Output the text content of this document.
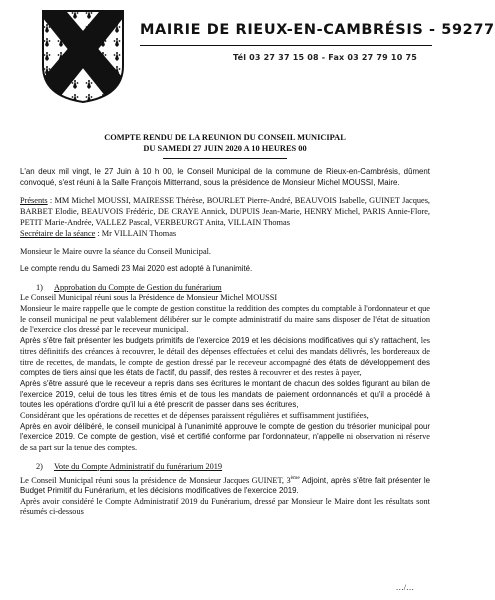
MAIRIE DE RIEUX-EN-CAMBRÉSIS - 59277
Tél 03 27 37 15 08 - Fax 03 27 79 10 75

COMPTE RENDU DE LA REUNION DU CONSEIL MUNICIPAL

DU SAMEDI 27 JUIN 2020 A 10 HEURES 00

L'an deux mil vingt, le 27 Juin à 10 h 00, le Conseil Municipal de la commune de Rieux-en-Cambrésis, dûment convoqué, s'est réuni à la Salle François Mitterrand, sous la présidence de Monsieur Michel MOUSSI, Maire.

Présents : MM Michel MOUSSI, MAIRESSE Thérèse, BOURLET Pierre-André, BEAUVOIS Isabelle, GUINET Jacques, BARBET Elodie, BEAUVOIS Frédéric, DE CRAYE Annick, DUPUIS Jean-Marie, HENRY Michel, PARIS Annie-Flore, PETIT Marie-Andrée, VALLEZ Pascal, VERBEURGT Anita, VILLAIN Thomas

Secrétaire de la séance : Mr VILLAIN Thomas

Monsieur le Maire ouvre la séance du Conseil Municipal.

Le compte rendu du Samedi 23 Mai 2020 est adopté à l'unanimité.

1) Approbation du Compte de Gestion du funérarium

Le Conseil Municipal réuni sous la Présidence de Monsieur Michel MOUSSI

Monsieur le maire rappelle que le compte de gestion constitue la reddition des comptes du comptable à l'ordonnateur et que le conseil municipal ne peut valablement délibérer sur le compte administratif du maire sans disposer de l'état de situation de l'exercice clos dressé par le receveur municipal.

Après s'être fait présenter les budgets primitifs de l'exercice 2019 et les décisions modificatives qui s'y rattachent, les titres définitifs des créances à recouvrer, le détail des dépenses effectuées et celui des mandats délivrés, les bordereaux de titre de recettes, de mandats, le compte de gestion dressé par le receveur accompagné des états de développement des comptes de tiers ainsi que les états de l'actif, du passif, des restes à recouvrer et des restes à payer,

Après s'être assuré que le receveur a repris dans ses écritures le montant de chacun des soldes figurant au bilan de l'exercice 2019, celui de tous les titres émis et de tous les mandats de paiement ordonnancés et qu'il a procédé à toutes les opérations d'ordre qu'il lui a été prescrit de passer dans ses écritures,

Considérant que les opérations de recettes et de dépenses paraissent régulières et suffisamment justifiées,

Après en avoir délibéré, le conseil municipal à l'unanimité approuve le compte de gestion du trésorier municipal pour l'exercice 2019. Ce compte de gestion, visé et certifié conforme par l'ordonnateur, n'appelle ni observation ni réserve de sa part sur la tenue des comptes.

2) Vote du Compte Administratif du funérarium 2019

Le Conseil Municipal réuni sous la présidence de Monsieur Jacques GUINET, 3ème Adjoint, après s'être fait présenter le Budget Primitif du Funérarium, et les décisions modificatives de l'exercice 2019.

Après avoir considéré le Compte Administratif 2019 du Funérarium, dressé par Monsieur le Maire dont les résultats sont résumés ci-dessous

…/…
